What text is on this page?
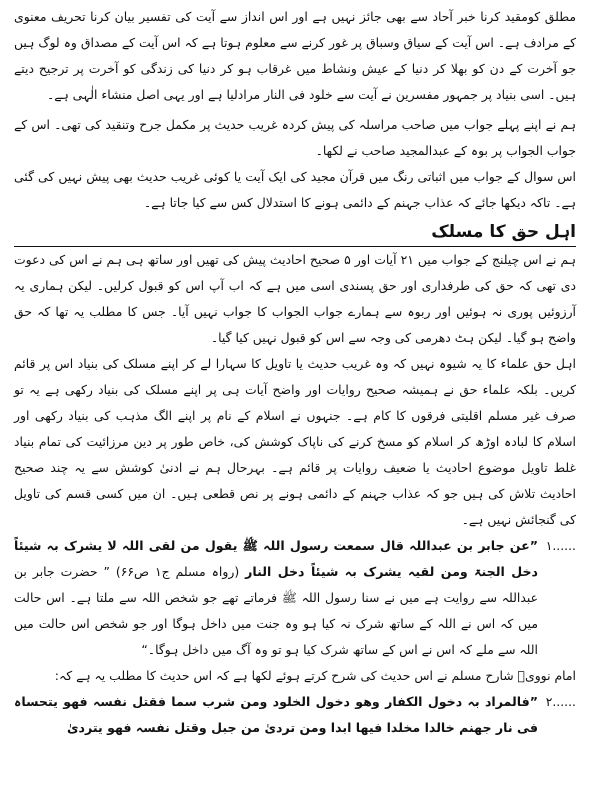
مطلق کومقید کرنا خبر آحاد سے بھی جائز نہیں ہے اور اس انداز سے آیت کی تفسیر بیان کرنا تحریف معنوی کے مرادف ہے۔ اس آیت کے سیاق وسباق پر غور کرنے سے معلوم ہوتا ہے کہ اس آیت کے مصداق وہ لوگ ہیں جو آخرت کے دن کو بھلا کر دنیا کے عیش ونشاط میں غرقاب ہو کر دنیا کی زندگی کو آخرت پر ترجیح دیتے ہیں۔ اسی بنیاد پر جمہور مفسرین نے آیت سے خلود فی النار مرادلیا ہے اور یہی اصل منشاء الٰہی ہے۔

ہم نے اپنے پہلے جواب میں صاحب مراسلہ کی پیش کردہ غریب حدیث پر مکمل جرح وتنقید کی تھی۔ اس کے جواب الجواب پر بوہ کے عبدالمجید صاحب نے لکھا۔

اس سوال کے جواب میں اثباتی رنگ میں قرآن مجید کی ایک آیت یا کوئی غریب حدیث بھی پیش نہیں کی گئی ہے۔ تاکہ دیکھا جائے کہ عذاب جہنم کے دائمی ہونے کا استدلال کس سے کیا جاتا ہے۔

اہل حق کا مسلک

ہم نے اس چیلنج کے جواب میں ۲۱ آیات اور ۵ صحیح احادیث پیش کی تھیں اور ساتھ ہی ہم نے اس کی دعوت دی تھی کہ حق کی طرفداری اور حق پسندی اسی میں ہے کہ اب آپ اس کو قبول کرلیں۔ لیکن ہماری یہ آرزوئیں پوری نہ ہوئیں اور ربوہ سے ہمارے جواب الجواب کا جواب نہیں آیا۔ جس کا مطلب یہ تھا کہ حق واضح ہو گیا۔ لیکن ہٹ دھرمی کی وجہ سے اس کو قبول نہیں کیا گیا۔

اہل حق علماء کا یہ شیوہ نہیں کہ وہ غریب حدیث یا تاویل کا سہارا لے کر اپنے مسلک کی بنیاد اس پر قائم کریں۔ بلکہ علماء حق نے ہمیشہ صحیح روایات اور واضح آیات ہی پر اپنے مسلک کی بنیاد رکھی ہے یہ تو صرف غیر مسلم اقلیتی فرقوں کا کام ہے۔ جنہوں نے اسلام کے نام پر اپنے الگ مذہب کی بنیاد رکھی اور اسلام کا لبادہ اوڑھ کر اسلام کو مسخ کرنے کی ناپاک کوشش کی، خاص طور پر دین مرزائیت کی تمام بنیاد غلط تاویل موضوع احادیث یا ضعیف روایات پر قائم ہے۔ بہرحال ہم نے ادنیٰ کوشش سے یہ چند صحیح احادیث تلاش کی ہیں جو کہ عذاب جہنم کے دائمی ہونے پر نص قطعی ہیں۔ ان میں کسی قسم کی تاویل کی گنجائش نہیں ہے۔

۱......
”عن جابر بن عبداللہ قال سمعت رسول اللہ ﷺ یقول من لقی اللہ لا یشرک بہ شیئاً دخل الجنۃ ومن لقیہ یشرک بہ شیئاً دخل النار (رواہ مسلم ج۱ ص۶۶) ” حضرت جابر بن عبداللہ سے روایت ہے میں نے سنا رسول اللہ ﷺ فرماتے تھے جو شخص اللہ سے ملتا ہے۔ اس حالت میں کہ اس نے اللہ کے ساتھ شرک نہ کیا ہو وہ جنت میں داخل ہوگا اور جو شخص اس حالت میں اللہ سے ملے کہ اس نے اس کے ساتھ شرک کیا ہو تو وہ آگ میں داخل ہوگا۔“

امام نوویؒ شارح مسلم نے اس حدیث کی شرح کرتے ہوئے لکھا ہے کہ اس حدیث کا مطلب یہ ہے کہ:

۲......
”فالمراد بہ دخول الکفار وھو دخول الخلود ومن شرب سما فقتل نفسہ فھو یتحساہ فی نار جھنم خالدا مخلدا فیھا ابدا ومن تردیٰ من جبل وقتل نفسہ فھو یتردیٰ
